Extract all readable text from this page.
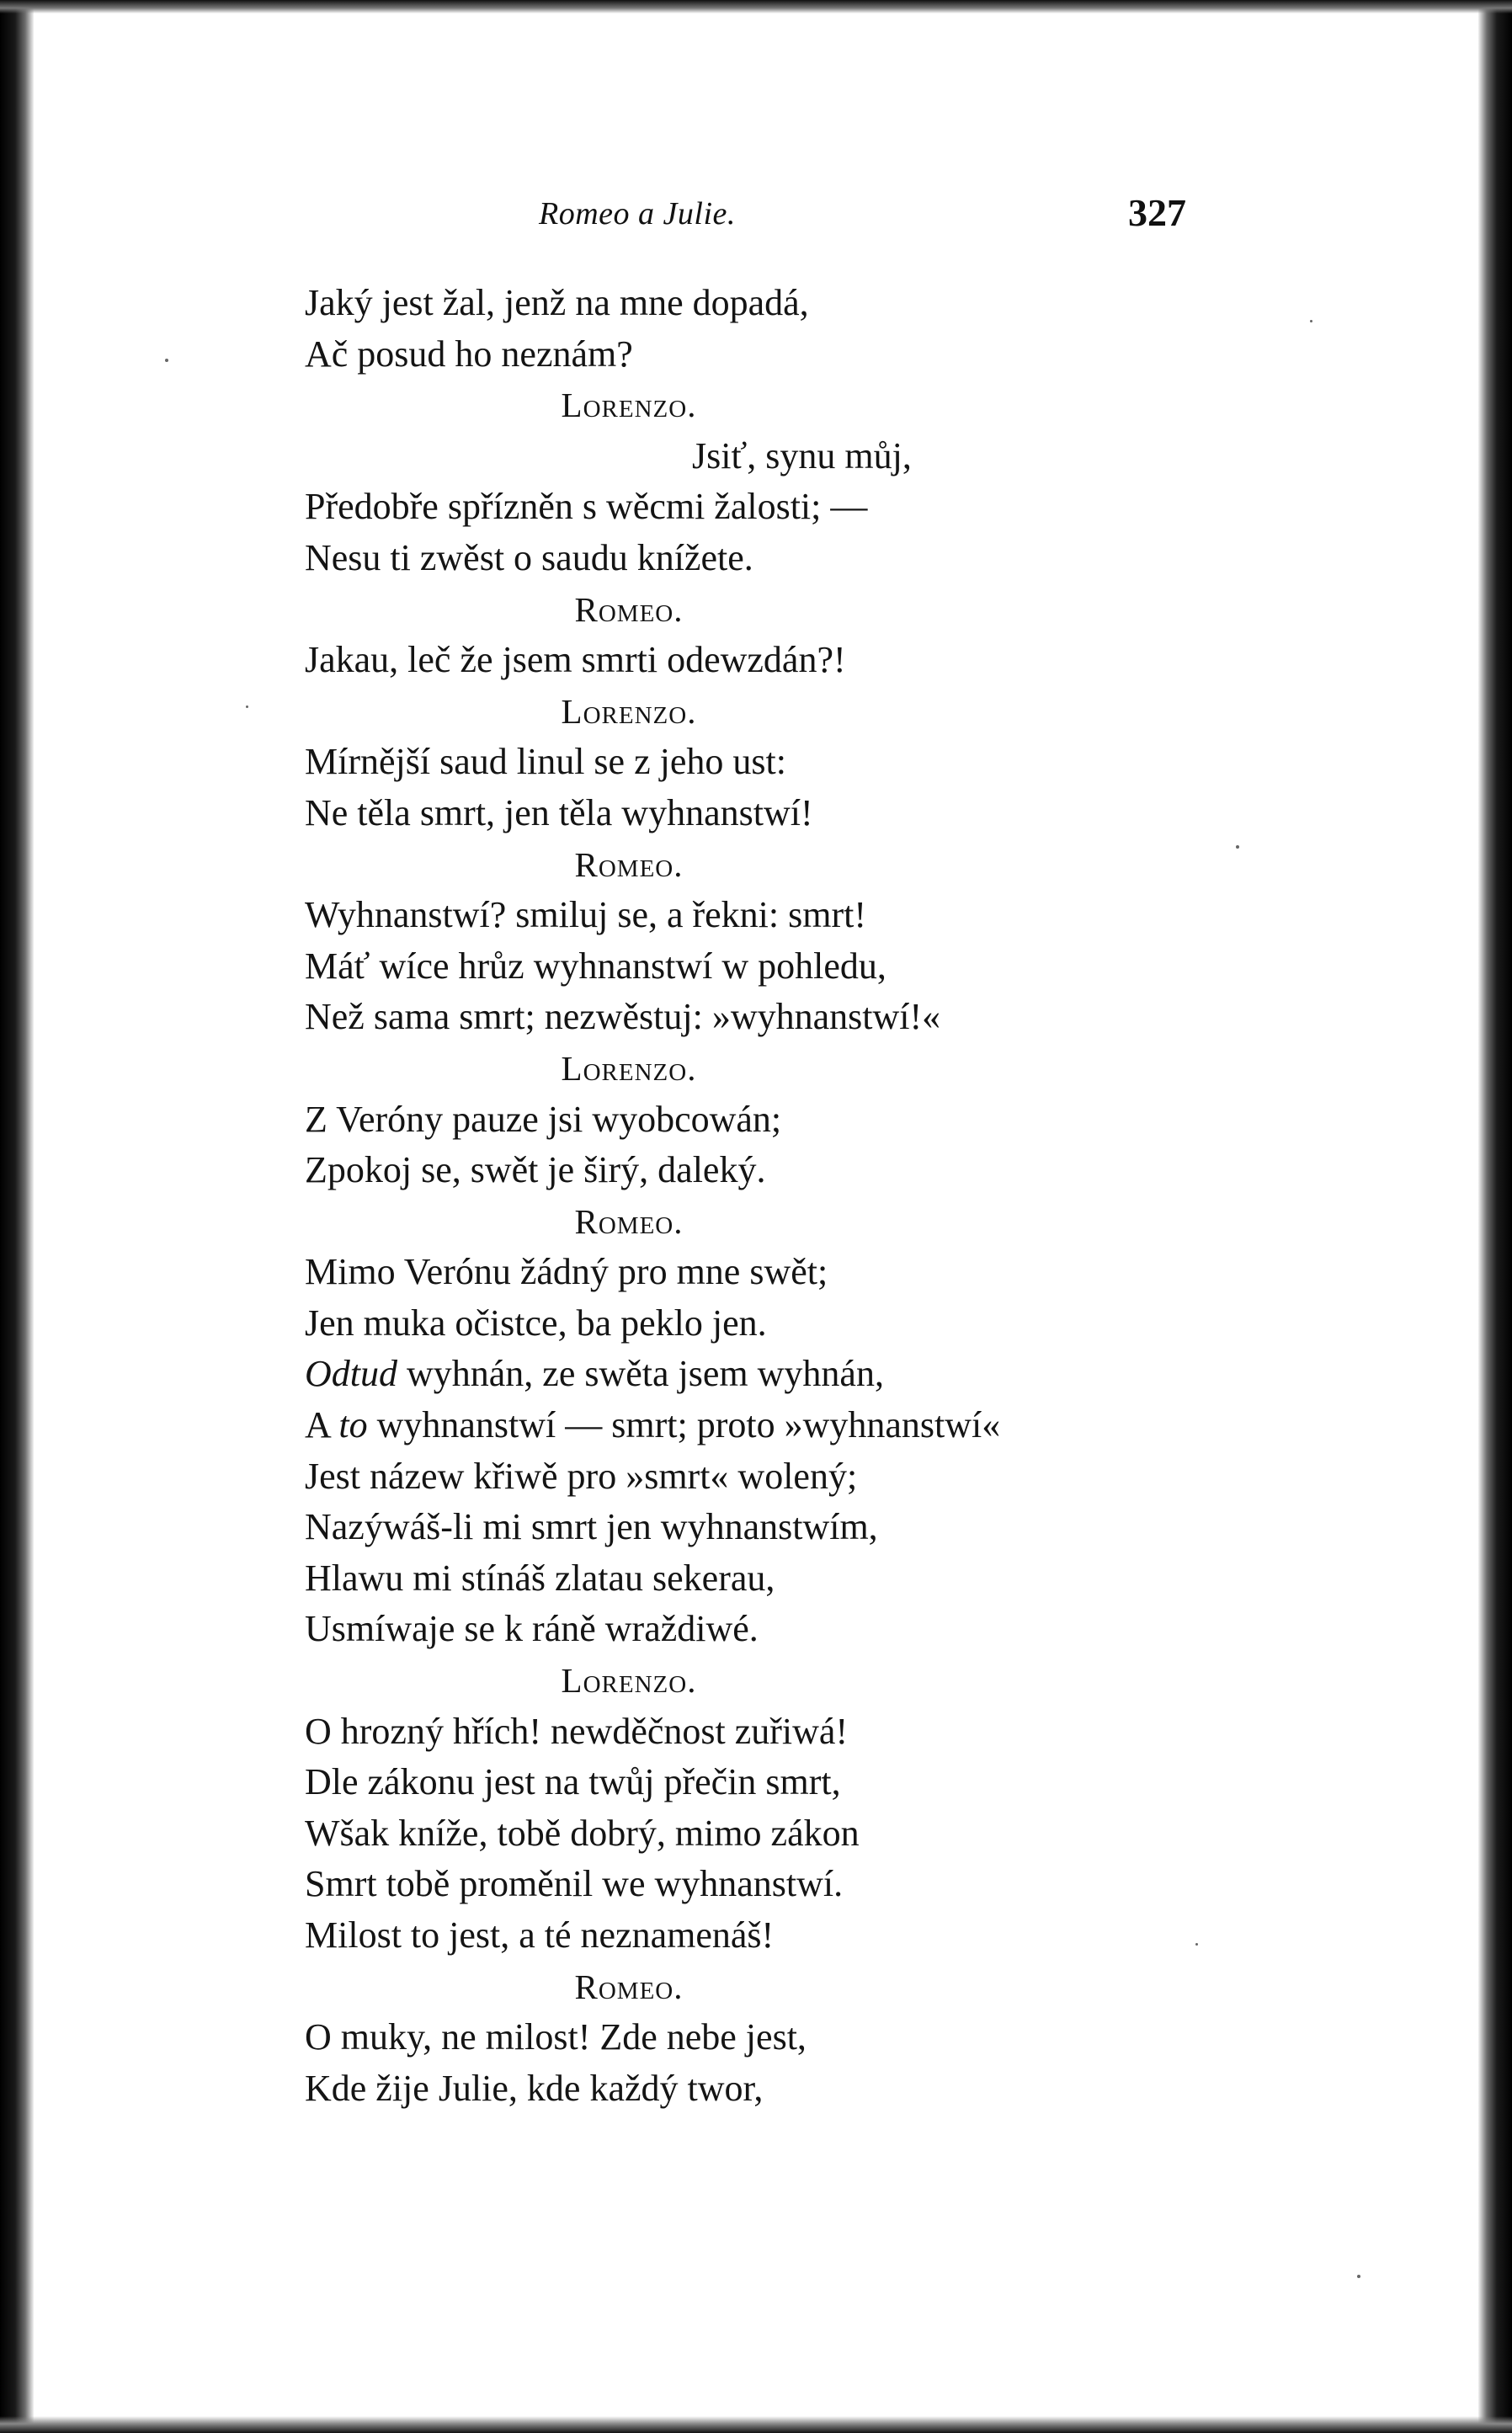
Romeo a Julie.	327
Jaký jest žal, jenž na mne dopadá,
Ač posud ho neznám?
Lorenzo.
Jsiť, synu můj,
Předobře spřízněn s wěcmi žalosti; —
Nesu ti zwěst o saudu knížete.
Romeo.
Jakau, leč že jsem smrti odewzdán?!
Lorenzo.
Mírnější saud linul se z jeho ust:
Ne těla smrt, jen těla wyhnanstwí!
Romeo.
Wyhnanstwí? smiluj se, a řekni: smrt!
Máť wíce hrůz wyhnanstwí w pohledu,
Než sama smrt; nezwěstuj: »wyhnanstwí!«
Lorenzo.
Z Veróny pauze jsi wyobcowán;
Zpokoj se, swět je širý, daleký.
Romeo.
Mimo Verónu žádný pro mne swět;
Jen muka očistce, ba peklo jen.
Odtud wyhnán, ze swěta jsem wyhnán,
A to wyhnanstwí — smrt; proto »wyhnanstwí«
Jest názew křiwě pro »smrt« wolený;
Nazýwáš-li mi smrt jen wyhnanstwím,
Hlawu mi stínáš zlatau sekerau,
Usmíwaje se k ráně wraždiwé.
Lorenzo.
O hrozný hřích! newděčnost zuřiwá!
Dle zákonu jest na twůj přečin smrt,
Wšak kníže, tobě dobrý, mimo zákon
Smrt tobě proměnil we wyhnanstwí.
Milost to jest, a té neznamenáš!
Romeo.
O muky, ne milost! Zde nebe jest,
Kde žije Julie, kde každý twor,
